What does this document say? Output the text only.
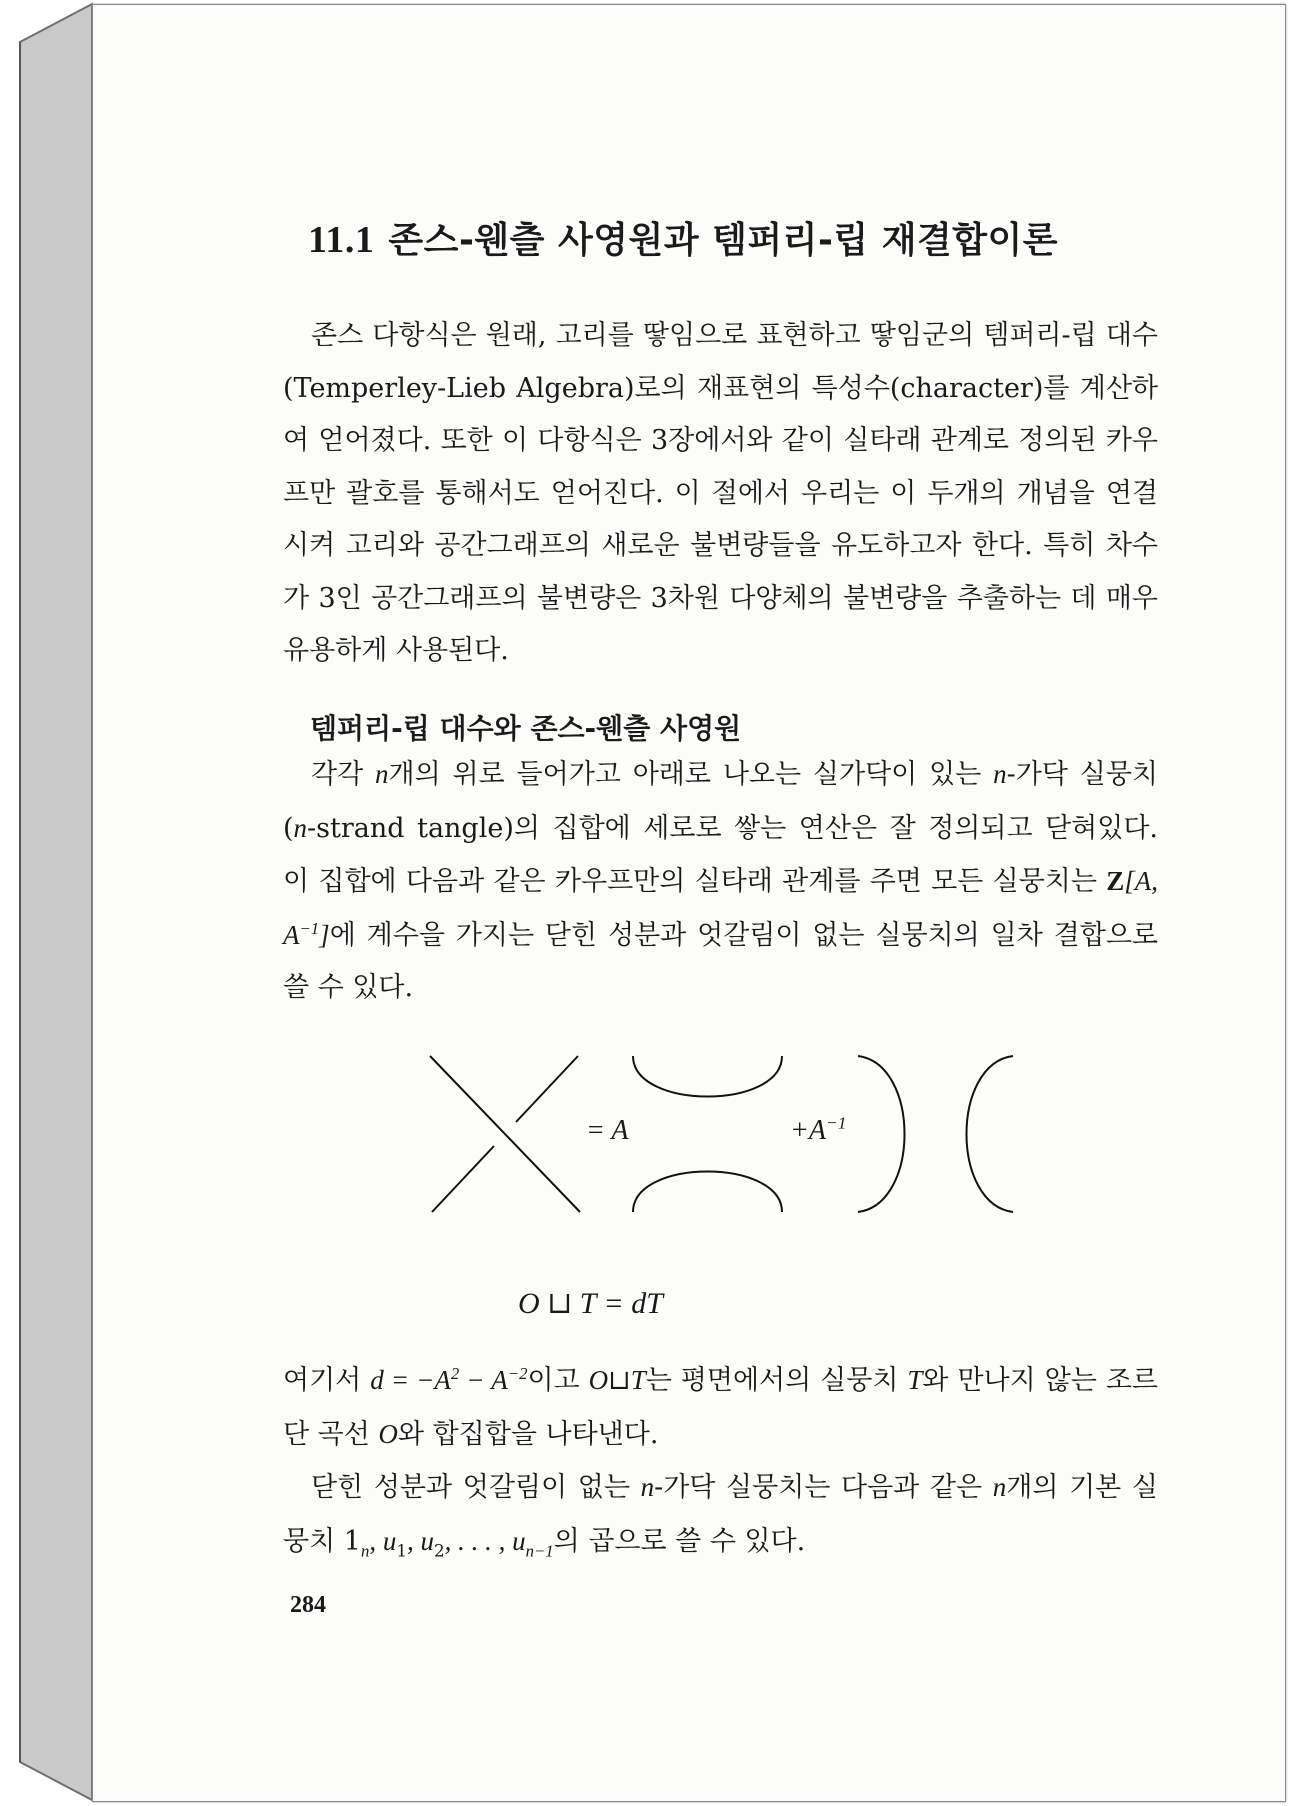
11.1 존스-웬츨 사영원과 템퍼리-립 재결합이론

존스 다항식은 원래, 고리를 땋임으로 표현하고 땋임군의 템퍼리-립 대수(Temperley-Lieb Algebra)로의 재표현의 특성수(character)를 계산하여 얻어졌다. 또한 이 다항식은 3장에서와 같이 실타래 관계로 정의된 카우프만 괄호를 통해서도 얻어진다. 이 절에서 우리는 이 두개의 개념을 연결시켜 고리와 공간그래프의 새로운 불변량들을 유도하고자 한다. 특히 차수가 3인 공간그래프의 불변량은 3차원 다양체의 불변량을 추출하는 데 매우 유용하게 사용된다.

템퍼리-립 대수와 존스-웬츨 사영원

각각 n개의 위로 들어가고 아래로 나오는 실가닥이 있는 n-가닥 실뭉치(n-strand tangle)의 집합에 세로로 쌓는 연산은 잘 정의되고 닫혀있다. 이 집합에 다음과 같은 카우프만의 실타래 관계를 주면 모든 실뭉치는 Z[A, $A^{-1}$]에 계수을 가지는 닫힌 성분과 엇갈림이 없는 실뭉치의 일차 결합으로 쓸 수 있다.

= A	$+A^{-1}$
O ⊔ T = dT

여기서 $d = -A^2 - A^{-2}$이고 O⊔T는 평면에서의 실뭉치 T와 만나지 않는 조르단 곡선 O와 합집합을 나타낸다.

닫힌 성분과 엇갈림이 없는 n-가닥 실뭉치는 다음과 같은 n개의 기본 실뭉치 $1_n$, $u_1$, $u_2$, . . . , $u_{n-1}$의 곱으로 쓸 수 있다.

284
